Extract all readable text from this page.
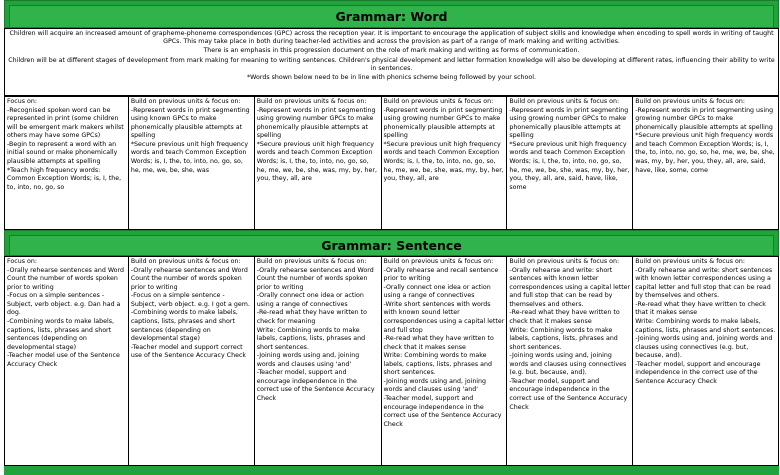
Grammar: Word

Children will acquire an increased amount of grapheme-phoneme correspondences (GPC) across the reception year. It is important to encourage the application of subject skills and knowledge when encoding to spell words in writing of taught GPCs. This may take place in both during teacher-led activities and across the provision as part of a range of mark making and writing activities.

There is an emphasis in this progression document on the role of mark making and writing as forms of communication.

Children will be at different stages of development from mark making for meaning to writing sentences. Children's physical development and letter formation knowledge will also be developing at different rates, influencing their ability to write in sentences.

*Words shown below need to be in line with phonics scheme being followed by your school.

Focus on:
-Recognised spoken word can be represented in print (some children will be emergent mark makers whilst others may have some GPCs)
-Begin to represent a word with an initial sound or make phonemically plausible attempts at spelling
*Teach high frequency words: Common Exception Words; is, I, the, to, into, no, go, so
Build on previous units & focus on:
-Represent words in print segmenting using known GPCs to make phonemically plausible attempts at spelling
*Secure previous unit high frequency words and teach Common Exception Words; is, I, the, to, into, no, go, so, he, me, we, be, she, was
Build on previous units & focus on:
-Represent words in print segmenting using growing number GPCs to make phonemically plausible attempts at spelling
*Secure previous unit high frequency words and teach Common Exception Words; is, I, the, to, into, no, go, so, he, me, we, be, she, was, my, by, her, you, they, all, are
Build on previous units & focus on:
-Represent words in print segmenting using growing number GPCs to make phonemically plausible attempts at spelling
*Secure previous unit high frequency words and teach Common Exception Words; is, I, the, to, into, no, go, so, he, me, we, be, she, was, my, by, her, you, they, all, are
Build on previous units & focus on:
-Represent words in print segmenting using growing number GPCs to make phonemically plausible attempts at spelling
*Secure previous unit high frequency words and teach Common Exception Words; is, I, the, to, into, no, go, so, he, me, we, be, she, was, my, by, her, you, they, all, are, said, have, like, some
Build on previous units & focus on:
-Represent words in print segmenting using growing number GPCs to make phonemically plausible attempts at spelling
*Secure previous unit high frequency words and teach Common Exception Words; is, I, the, to, into, no, go, so, he, me, we, be, she, was, my, by, her, you, they, all, are, said, have, like, some, come
Grammar: Sentence
Focus on:
-Orally rehearse sentences and Word Count the number of words spoken prior to writing
-Focus on a simple sentences - Subject, verb object. e.g. Dan had a dog.
-Combining words to make labels, captions, lists, phrases and short sentences (depending on developmental stage)
-Teacher model use of the Sentence Accuracy Check
Build on previous units & focus on:
-Orally rehearse sentences and Word Count the number of words spoken prior to writing
-Focus on a simple sentence - Subject, verb object. e.g. I got a gem.
-Combining words to make labels, captions, lists, phrases and short sentences (depending on developmental stage)
-Teacher model and support correct use of the Sentence Accuracy Check
Build on previous units & focus on:
-Orally rehearse sentences and Word Count the number of words spoken prior to writing
-Orally connect one idea or action using a range of connectives
-Re-read what they have written to check for meaning
Write: Combining words to make labels, captions, lists, phrases and short sentences.
-Joining words using and, joining words and clauses using 'and'
-Teacher model, support and encourage independence in the correct use of the Sentence Accuracy Check
Build on previous units & focus on:
-Orally rehearse and recall sentence prior to writing
-Orally connect one idea or action using a range of connectives
-Write short sentences with words with known sound letter correspondences using a capital letter and full stop
-Re-read what they have written to check that it makes sense
Write: Combining words to make labels, captions, lists, phrases and short sentences.
-Joining words using and, joining words and clauses using 'and'
-Teacher model, support and encourage independence in the correct use of the Sentence Accuracy Check
Build on previous units & focus on:
-Orally rehearse and write: short sentences with known letter correspondences using a capital letter and full stop that can be read by themselves and others.
-Re-read what they have written to check that it makes sense
Write: Combining words to make labels, captions, lists, phrases and short sentences.
-Joining words using and, joining words and clauses using connectives (e.g. but, because, and).
-Teacher model, support and encourage independence in the correct use of the Sentence Accuracy Check
Build on previous units & focus on:
-Orally rehearse and write: short sentences with known letter correspondences using a capital letter and full stop that can be read by themselves and others.
-Re-read what they have written to check that it makes sense
Write: Combining words to make labels, captions, lists, phrases and short sentences.
-Joining words using and, joining words and clauses using connectives (e.g. but, because, and).
-Teacher model, support and encourage independence in the correct use of the Sentence Accuracy Check
